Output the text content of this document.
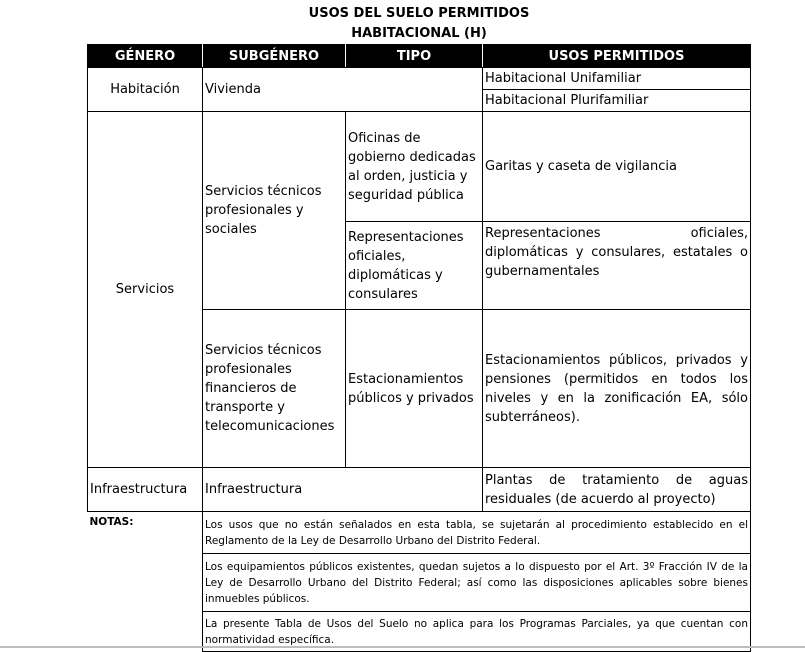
USOS DEL SUELO PERMITIDOS
HABITACIONAL (H)
GÉNERO	SUBGÉNERO	TIPO	USOS PERMITIDOS
Habitación	Vivienda		Habitacional Unifamiliar
			Habitacional Plurifamiliar
Servicios	Servicios técnicos profesionales y sociales	Oficinas de gobierno dedicadas al orden, justicia y seguridad pública	Garitas y caseta de vigilancia
		Representaciones oficiales, diplomáticas y consulares	Representaciones oficiales, diplomáticas y consulares, estatales o gubernamentales
	Servicios técnicos profesionales financieros de transporte y telecomunicaciones	Estacionamientos públicos y privados	Estacionamientos públicos, privados y pensiones (permitidos en todos los niveles y en la zonificación EA, sólo subterráneos).
Infraestructura	Infraestructura		Plantas de tratamiento de aguas residuales (de acuerdo al proyecto)
NOTAS:	Los usos que no están señalados en esta tabla, se sujetarán al procedimiento establecido en el Reglamento de la Ley de Desarrollo Urbano del Distrito Federal.		
	Los equipamientos públicos existentes, quedan sujetos a lo dispuesto por el Art. 3º Fracción IV de la Ley de Desarrollo Urbano del Distrito Federal; así como las disposiciones aplicables sobre bienes inmuebles públicos.		
	La presente Tabla de Usos del Suelo no aplica para los Programas Parciales, ya que cuentan con normatividad específica.		
